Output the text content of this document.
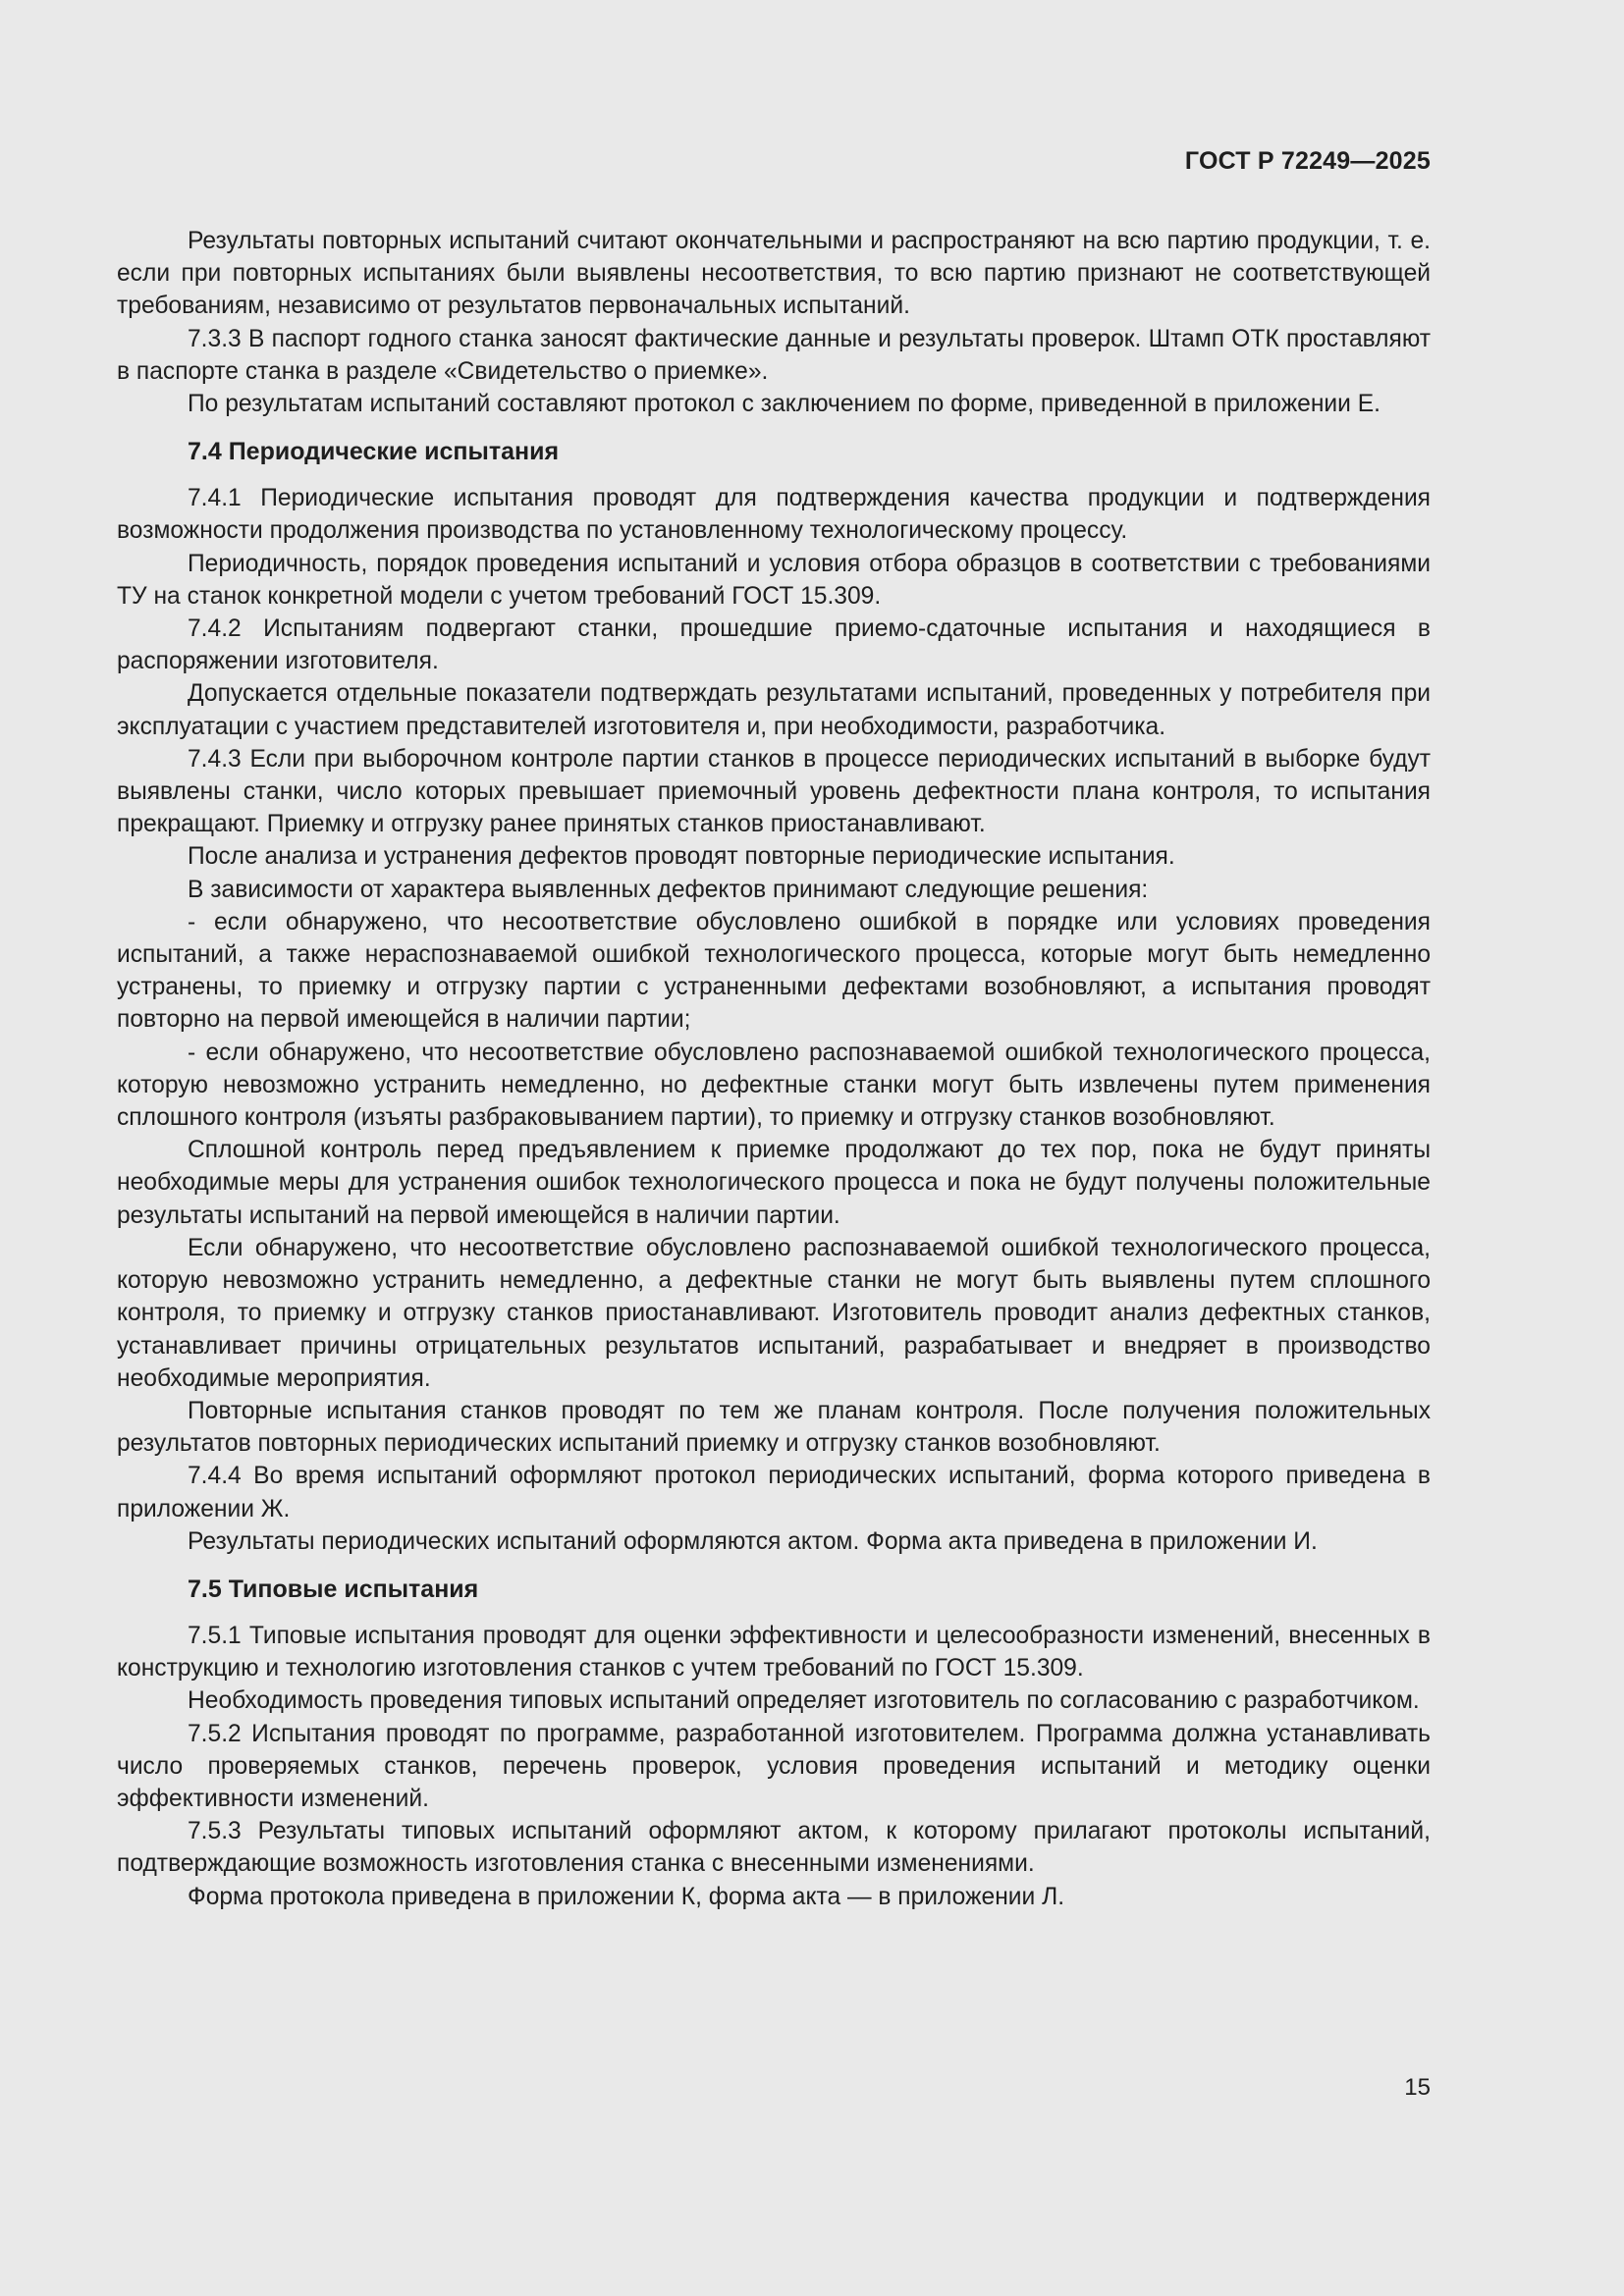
ГОСТ Р 72249—2025

Результаты повторных испытаний считают окончательными и распространяют на всю партию продукции, т. е. если при повторных испытаниях были выявлены несоответствия, то всю партию признают не соответствующей требованиям, независимо от результатов первоначальных испытаний.

7.3.3 В паспорт годного станка заносят фактические данные и результаты проверок. Штамп ОТК проставляют в паспорте станка в разделе «Свидетельство о приемке».

По результатам испытаний составляют протокол с заключением по форме, приведенной в приложении Е.

7.4 Периодические испытания

7.4.1 Периодические испытания проводят для подтверждения качества продукции и подтверждения возможности продолжения производства по установленному технологическому процессу.

Периодичность, порядок проведения испытаний и условия отбора образцов в соответствии с требованиями ТУ на станок конкретной модели с учетом требований ГОСТ 15.309.

7.4.2 Испытаниям подвергают станки, прошедшие приемо-сдаточные испытания и находящиеся в распоряжении изготовителя.

Допускается отдельные показатели подтверждать результатами испытаний, проведенных у потребителя при эксплуатации с участием представителей изготовителя и, при необходимости, разработчика.

7.4.3 Если при выборочном контроле партии станков в процессе периодических испытаний в выборке будут выявлены станки, число которых превышает приемочный уровень дефектности плана контроля, то испытания прекращают. Приемку и отгрузку ранее принятых станков приостанавливают.

После анализа и устранения дефектов проводят повторные периодические испытания.

В зависимости от характера выявленных дефектов принимают следующие решения:

- если обнаружено, что несоответствие обусловлено ошибкой в порядке или условиях проведения испытаний, а также нераспознаваемой ошибкой технологического процесса, которые могут быть немедленно устранены, то приемку и отгрузку партии с устраненными дефектами возобновляют, а испытания проводят повторно на первой имеющейся в наличии партии;

- если обнаружено, что несоответствие обусловлено распознаваемой ошибкой технологического процесса, которую невозможно устранить немедленно, но дефектные станки могут быть извлечены путем применения сплошного контроля (изъяты разбраковыванием партии), то приемку и отгрузку станков возобновляют.

Сплошной контроль перед предъявлением к приемке продолжают до тех пор, пока не будут приняты необходимые меры для устранения ошибок технологического процесса и пока не будут получены положительные результаты испытаний на первой имеющейся в наличии партии.

Если обнаружено, что несоответствие обусловлено распознаваемой ошибкой технологического процесса, которую невозможно устранить немедленно, а дефектные станки не могут быть выявлены путем сплошного контроля, то приемку и отгрузку станков приостанавливают. Изготовитель проводит анализ дефектных станков, устанавливает причины отрицательных результатов испытаний, разрабатывает и внедряет в производство необходимые мероприятия.

Повторные испытания станков проводят по тем же планам контроля. После получения положительных результатов повторных периодических испытаний приемку и отгрузку станков возобновляют.

7.4.4 Во время испытаний оформляют протокол периодических испытаний, форма которого приведена в приложении Ж.

Результаты периодических испытаний оформляются актом. Форма акта приведена в приложении И.

7.5 Типовые испытания

7.5.1 Типовые испытания проводят для оценки эффективности и целесообразности изменений, внесенных в конструкцию и технологию изготовления станков с учтем требований по ГОСТ 15.309.

Необходимость проведения типовых испытаний определяет изготовитель по согласованию с разработчиком.

7.5.2 Испытания проводят по программе, разработанной изготовителем. Программа должна устанавливать число проверяемых станков, перечень проверок, условия проведения испытаний и методику оценки эффективности изменений.

7.5.3 Результаты типовых испытаний оформляют актом, к которому прилагают протоколы испытаний, подтверждающие возможность изготовления станка с внесенными изменениями.

Форма протокола приведена в приложении К, форма акта — в приложении Л.

15
